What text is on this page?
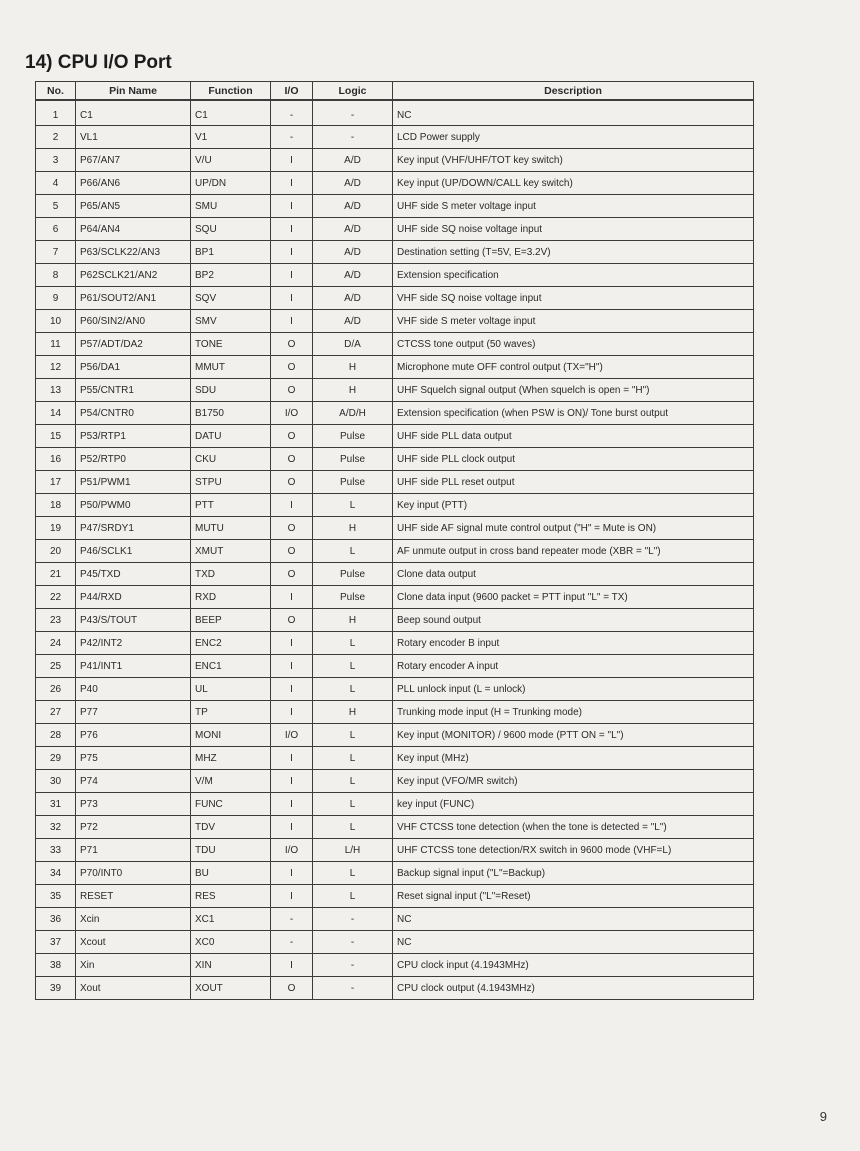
14) CPU I/O Port
No.	Pin Name	Function	I/O	Logic	Description
1	C1	C1	-	-	NC
2	VL1	V1	-	-	LCD Power supply
3	P67/AN7	V/U	I	A/D	Key input (VHF/UHF/TOT key switch)
4	P66/AN6	UP/DN	I	A/D	Key input (UP/DOWN/CALL key switch)
5	P65/AN5	SMU	I	A/D	UHF side S meter voltage input
6	P64/AN4	SQU	I	A/D	UHF side SQ noise voltage input
7	P63/SCLK22/AN3	BP1	I	A/D	Destination setting (T=5V, E=3.2V)
8	P62SCLK21/AN2	BP2	I	A/D	Extension specification
9	P61/SOUT2/AN1	SQV	I	A/D	VHF side SQ noise voltage input
10	P60/SIN2/AN0	SMV	I	A/D	VHF side S meter voltage input
11	P57/ADT/DA2	TONE	O	D/A	CTCSS tone output (50 waves)
12	P56/DA1	MMUT	O	H	Microphone mute OFF control output (TX="H")
13	P55/CNTR1	SDU	O	H	UHF Squelch signal output (When squelch is open = "H")
14	P54/CNTR0	B1750	I/O	A/D/H	Extension specification (when PSW is ON)/ Tone burst output
15	P53/RTP1	DATU	O	Pulse	UHF side PLL data output
16	P52/RTP0	CKU	O	Pulse	UHF side PLL clock output
17	P51/PWM1	STPU	O	Pulse	UHF side PLL reset output
18	P50/PWM0	PTT	I	L	Key input (PTT)
19	P47/SRDY1	MUTU	O	H	UHF side AF signal mute control output ("H" = Mute is ON)
20	P46/SCLK1	XMUT	O	L	AF unmute output in cross band repeater mode (XBR = "L")
21	P45/TXD	TXD	O	Pulse	Clone data output
22	P44/RXD	RXD	I	Pulse	Clone data input (9600 packet = PTT input "L" = TX)
23	P43/S/TOUT	BEEP	O	H	Beep sound output
24	P42/INT2	ENC2	I	L	Rotary encoder B input
25	P41/INT1	ENC1	I	L	Rotary encoder A input
26	P40	UL	I	L	PLL unlock input (L = unlock)
27	P77	TP	I	H	Trunking mode input (H = Trunking mode)
28	P76	MONI	I/O	L	Key input (MONITOR) / 9600 mode (PTT ON = "L")
29	P75	MHZ	I	L	Key input (MHz)
30	P74	V/M	I	L	Key input (VFO/MR switch)
31	P73	FUNC	I	L	key input (FUNC)
32	P72	TDV	I	L	VHF CTCSS tone detection (when the tone is detected = "L")
33	P71	TDU	I/O	L/H	UHF CTCSS tone detection/RX switch in 9600 mode (VHF=L)
34	P70/INT0	BU	I	L	Backup signal input ("L"=Backup)
35	RESET	RES	I	L	Reset signal input ("L"=Reset)
36	Xcin	XC1	-	-	NC
37	Xcout	XC0	-	-	NC
38	Xin	XIN	I	-	CPU clock input (4.1943MHz)
39	Xout	XOUT	O	-	CPU clock output (4.1943MHz)
9
